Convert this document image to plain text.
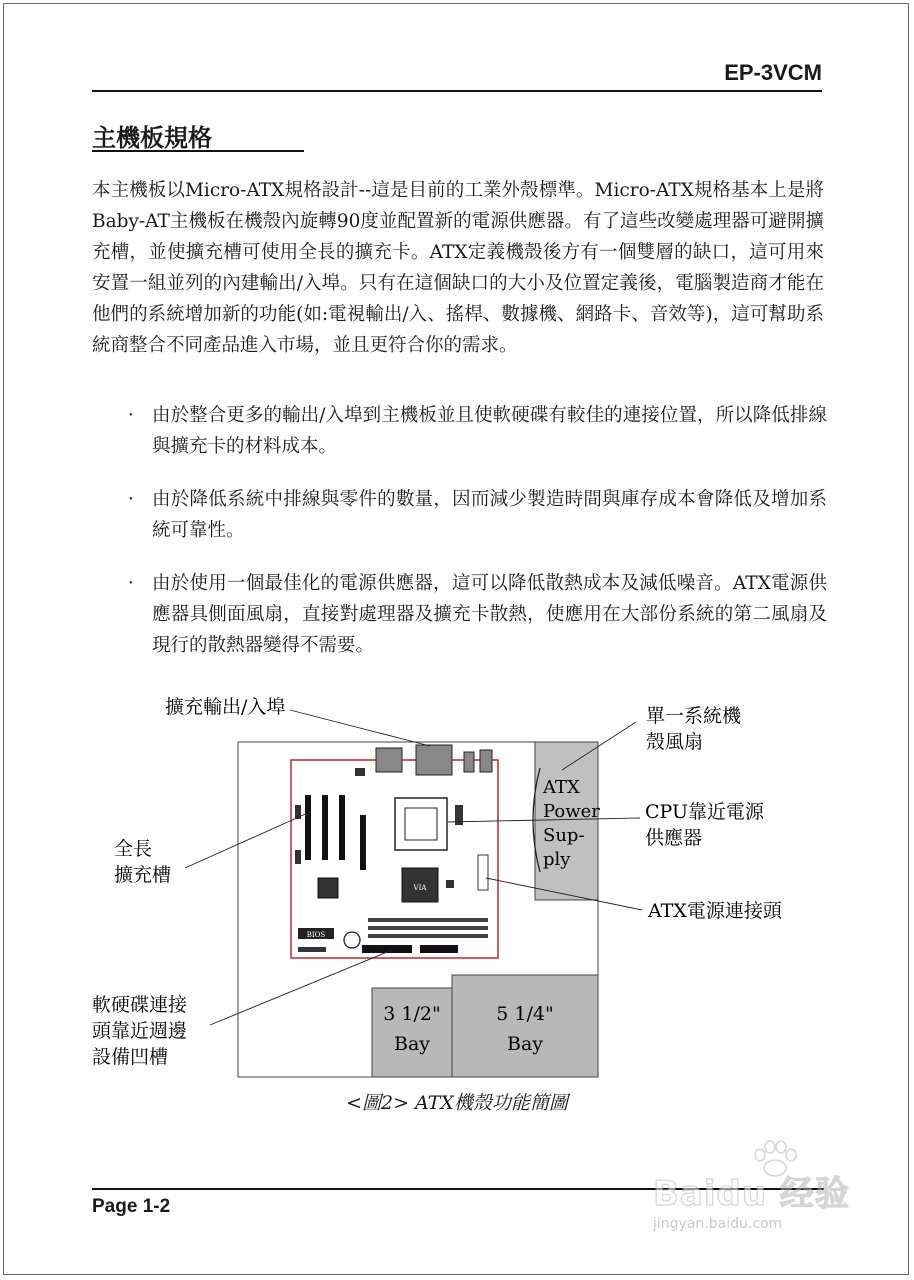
EP-3VCM
主機板規格

本主機板以Micro-ATX規格設計--這是目前的工業外殼標準。Micro-ATX規格基本上是將Baby-AT主機板在機殼內旋轉90度並配置新的電源供應器。有了這些改變處理器可避開擴充槽，並使擴充槽可使用全長的擴充卡。ATX定義機殼後方有一個雙層的缺口，這可用來安置一組並列的內建輸出/入埠。只有在這個缺口的大小及位置定義後，電腦製造商才能在他們的系統增加新的功能(如:電視輸出/入、搖桿、數據機、網路卡、音效等)，這可幫助系統商整合不同產品進入市場，並且更符合你的需求。

· 由於整合更多的輸出/入埠到主機板並且使軟硬碟有較佳的連接位置，所以降低排線與擴充卡的材料成本。
· 由於降低系統中排線與零件的數量，因而減少製造時間與庫存成本會降低及增加系統可靠性。
· 由於使用一個最佳化的電源供應器，這可以降低散熱成本及減低噪音。ATX電源供應器具側面風扇，直接對處理器及擴充卡散熱，使應用在大部份系統的第二風扇及現行的散熱器變得不需要。
ATX
Power
Sup-
ply
3 1/2"
Bay
5 1/4"
Bay
VIA
BIOS
擴充輸出/入埠	單一系統機
殼風扇
全長
擴充槽
CPU靠近電源
供應器
ATX電源連接頭
軟硬碟連接
頭靠近週邊
設備凹槽
<圖2> ATX機殼功能簡圖
Page 1-2	Baidu 经验
jingyan.baidu.com
